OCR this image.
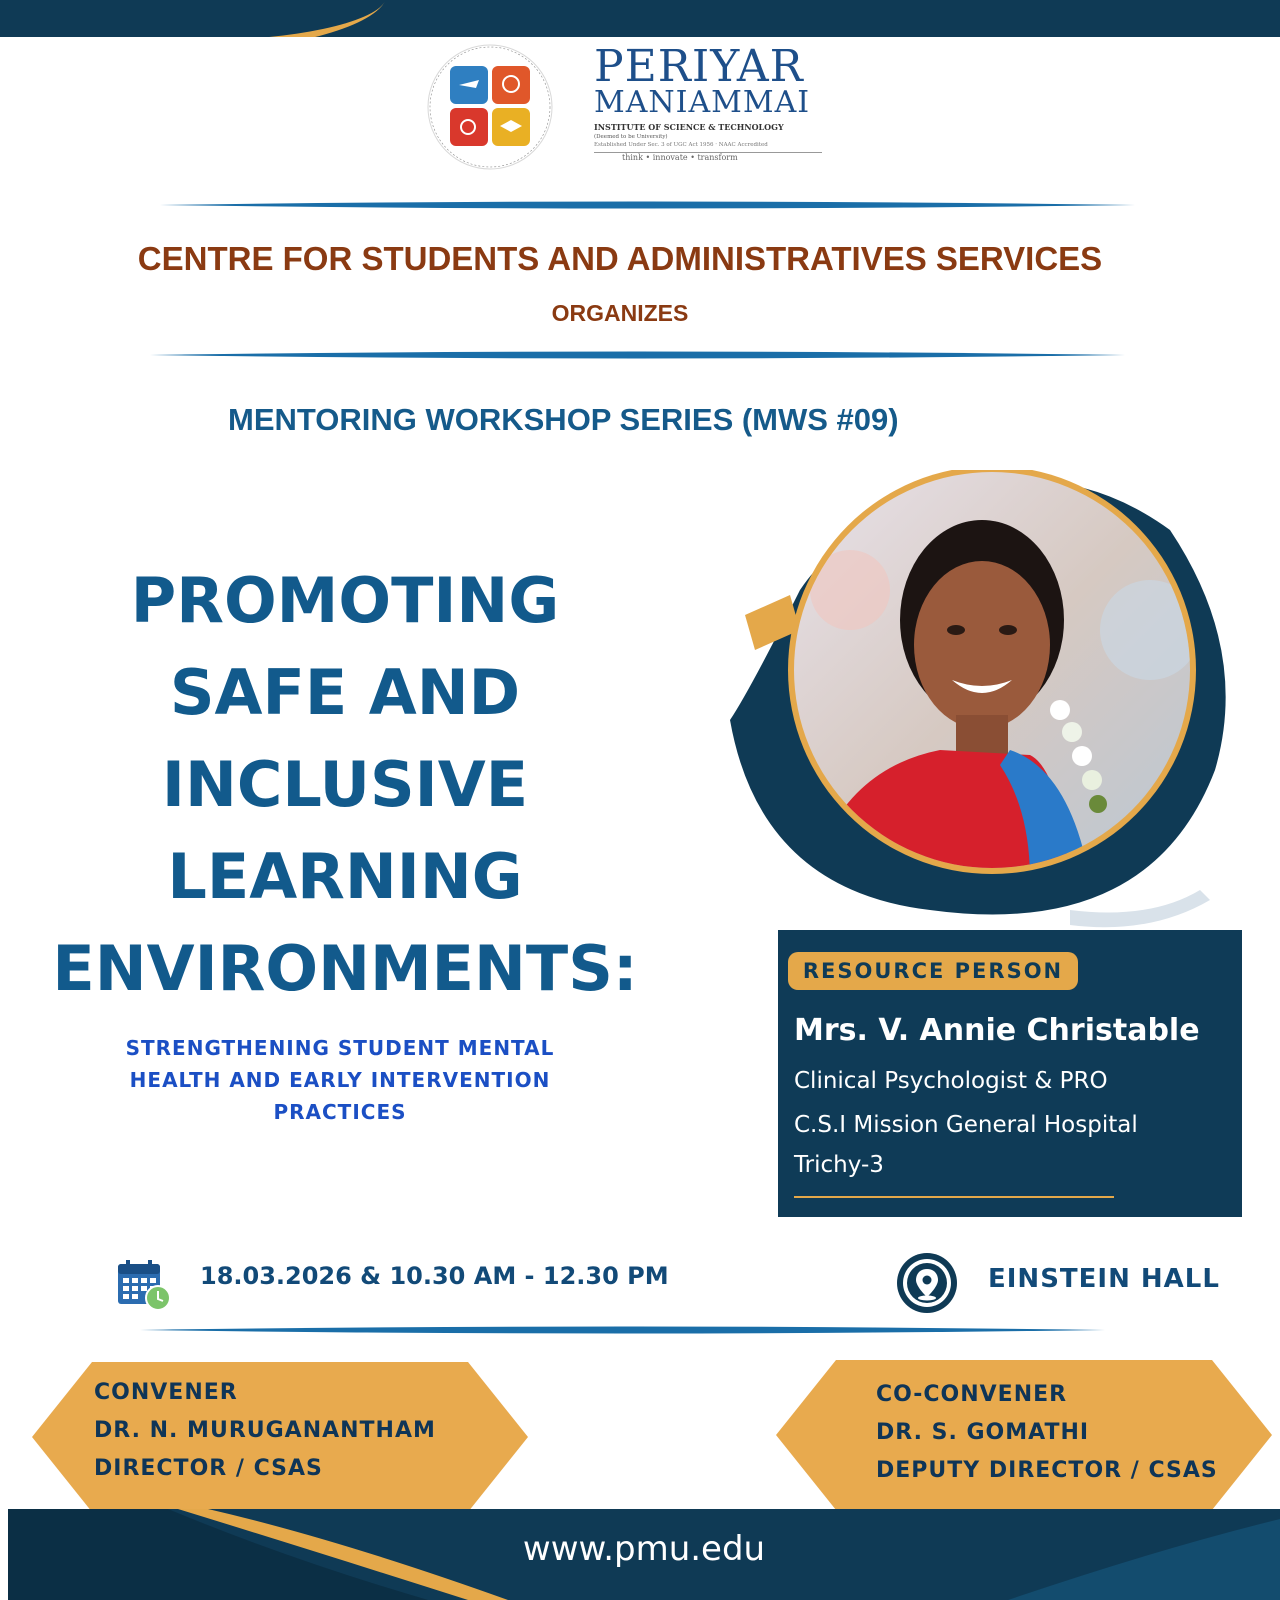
PERIYAR
MANIAMMAI
INSTITUTE OF SCIENCE & TECHNOLOGY
(Deemed to be University)
Established Under Sec. 3 of UGC Act 1956 · NAAC Accredited
think • innovate • transform
CENTRE FOR STUDENTS AND ADMINISTRATIVES SERVICES
ORGANIZES
MENTORING WORKSHOP SERIES (MWS #09)
PROMOTING
SAFE AND
INCLUSIVE
LEARNING
ENVIRONMENTS:
STRENGTHENING STUDENT MENTAL
HEALTH AND EARLY INTERVENTION
PRACTICES
RESOURCE PERSON
Mrs. V. Annie Christable
Clinical Psychologist & PRO
C.S.I Mission General Hospital
Trichy-3
18.03.2026 & 10.30 AM - 12.30 PM	EINSTEIN HALL
CONVENER
DR. N. MURUGANANTHAM
DIRECTOR / CSAS
CO-CONVENER
DR. S. GOMATHI
DEPUTY DIRECTOR / CSAS
www.pmu.edu
